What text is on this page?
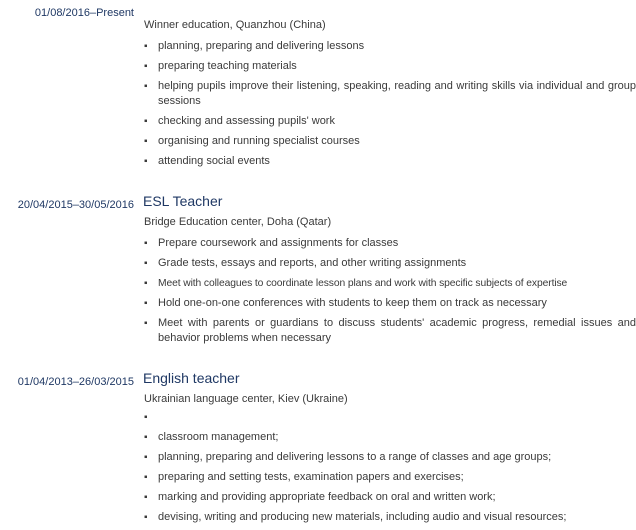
01/08/2016–Present
Winner education, Quanzhou (China)
▪ planning, preparing and delivering lessons
▪ preparing teaching materials
▪ helping pupils improve their listening, speaking, reading and writing skills via individual and group sessions
▪ checking and assessing pupils' work
▪ organising and running specialist courses
▪ attending social events
20/04/2015–30/05/2016 ESL Teacher
Bridge Education center, Doha (Qatar)
▪ Prepare coursework and assignments for classes
▪ Grade tests, essays and reports, and other writing assignments
▪ Meet with colleagues to coordinate lesson plans and work with specific subjects of expertise
▪ Hold one-on-one conferences with students to keep them on track as necessary
▪ Meet with parents or guardians to discuss students' academic progress, remedial issues and behavior problems when necessary
01/04/2013–26/03/2015 English teacher
Ukrainian language center, Kiev (Ukraine)
▪
▪ classroom management;
▪ planning, preparing and delivering lessons to a range of classes and age groups;
▪ preparing and setting tests, examination papers and exercises;
▪ marking and providing appropriate feedback on oral and written work;
▪ devising, writing and producing new materials, including audio and visual resources;
